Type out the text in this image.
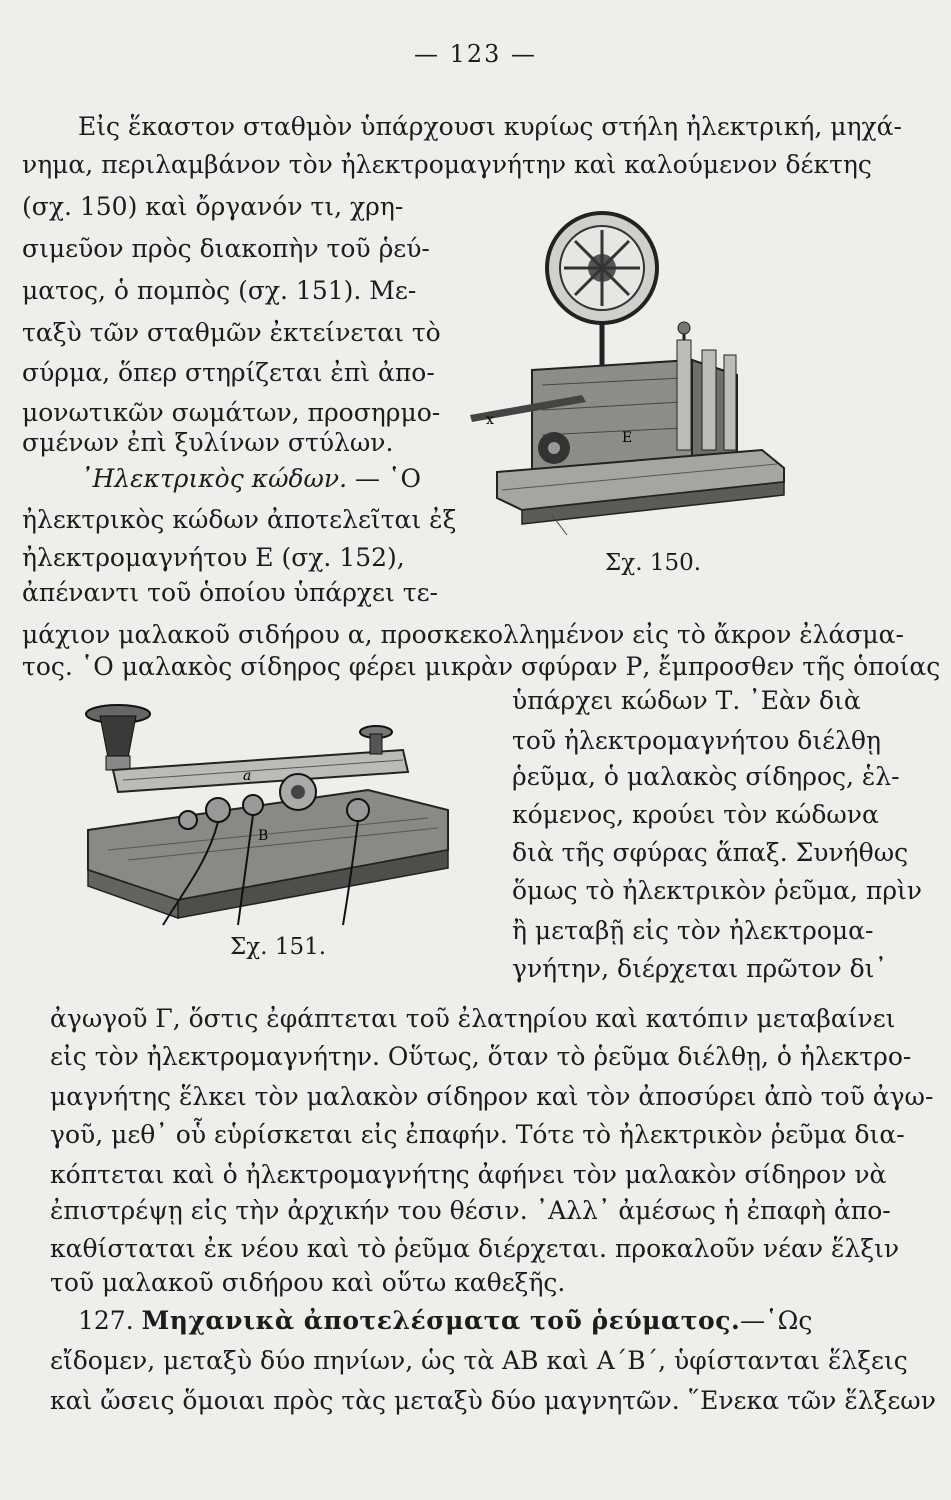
— 123 —

Εἰς ἕκαστον σταθμὸν ὑπάρχουσι κυρίως στήλη ἠλεκτρική, μηχά-

νημα, περιλαμβάνον τὸν ἠλεκτρομαγνήτην καὶ καλούμενον δέκτης

(σχ. 150) καὶ ὄργανόν τι, χρη-

σιμεῦον πρὸς διακοπὴν τοῦ ῥεύ-

ματος, ὁ πομπὸς (σχ. 151). Με-

ταξὺ τῶν σταθμῶν ἐκτείνεται τὸ

σύρμα, ὅπερ στηρίζεται ἐπὶ ἀπο-

μονωτικῶν σωμάτων, προσηρμο-

σμένων ἐπὶ ξυλίνων στύλων.

᾿Ηλεκτρικὸς κώδων. — ῾Ο

ἠλεκτρικὸς κώδων ἀποτελεῖται ἐξ

ἠλεκτρομαγνήτου Ε (σχ. 152),

ἀπέναντι τοῦ ὁποίου ὑπάρχει τε-

μάχιον μαλακοῦ σιδήρου α, προσκεκολλημένον εἰς τὸ ἄκρον ἐλάσμα-

τος. ῾Ο μαλακὸς σίδηρος φέρει μικρὰν σφύραν Ρ, ἔμπροσθεν τῆς ὁποίας

ὑπάρχει κώδων Τ. ᾿Εὰν διὰ

τοῦ ἠλεκτρομαγνήτου διέλθῃ

ῥεῦμα, ὁ μαλακὸς σίδηρος, ἑλ-

κόμενος, κρούει τὸν κώδωνα

διὰ τῆς σφύρας ἅπαξ. Συνήθως

ὅμως τὸ ἠλεκτρικὸν ῥεῦμα, πρὶν

ἢ μεταβῇ εἰς τὸν ἠλεκτρομα-

γνήτην, διέρχεται πρῶτον δι᾿

ἀγωγοῦ Γ, ὅστις ἐφάπτεται τοῦ ἐλατηρίου καὶ κατόπιν μεταβαίνει

εἰς τὸν ἠλεκτρομαγνήτην. Οὕτως, ὅταν τὸ ῥεῦμα διέλθῃ, ὁ ἠλεκτρο-

μαγνήτης ἕλκει τὸν μαλακὸν σίδηρον καὶ τὸν ἀποσύρει ἀπὸ τοῦ ἀγω-

γοῦ, μεθ᾿ οὗ εὑρίσκεται εἰς ἐπαφήν. Τότε τὸ ἠλεκτρικὸν ῥεῦμα δια-

κόπτεται καὶ ὁ ἠλεκτρομαγνήτης ἀφήνει τὸν μαλακὸν σίδηρον νὰ

ἐπιστρέψῃ εἰς τὴν ἀρχικήν του θέσιν. ᾿Αλλ᾿ ἀμέσως ἡ ἐπαφὴ ἀπο-

καθίσταται ἐκ νέου καὶ τὸ ῥεῦμα διέρχεται. προκαλοῦν νέαν ἕλξιν

τοῦ μαλακοῦ σιδήρου καὶ οὕτω καθεξῆς.

127. Μηχανικὰ ἀποτελέσματα τοῦ ῥεύματος.—῾Ως

εἴδομεν, μεταξὺ δύο πηνίων, ὡς τὰ ΑΒ καὶ Α΄Β΄, ὑφίστανται ἕλξεις

καὶ ὤσεις ὅμοιαι πρὸς τὰς μεταξὺ δύο μαγνητῶν. ῞Ενεκα τῶν ἕλξεων

x
E
Σχ. 150.
a
B
Σχ. 151.
